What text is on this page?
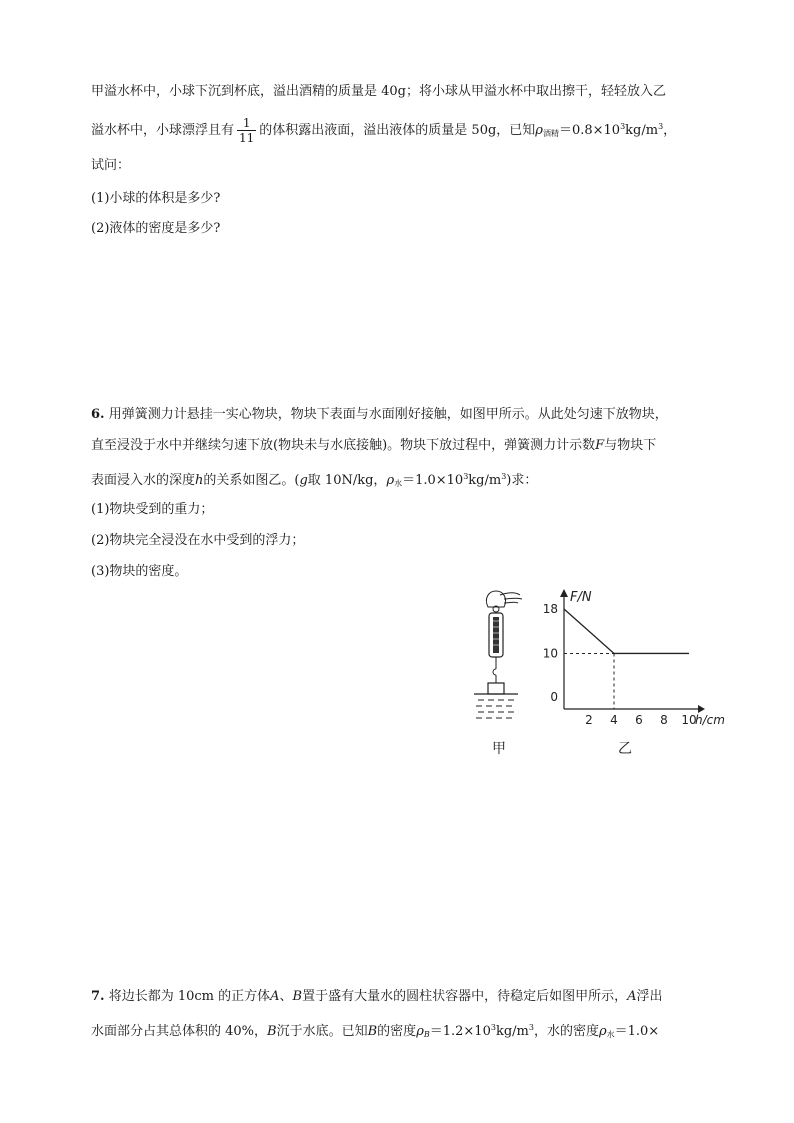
甲溢水杯中，小球下沉到杯底，溢出酒精的质量是 40g；将小球从甲溢水杯中取出擦干，轻轻放入乙
溢水杯中，小球漂浮且有 $\frac{1}{11}$ 的体积露出液面，溢出液体的质量是 50g，已知$\rho_{酒精}=0.8\times 10^3kg/m^3$，
试问：
(1)小球的体积是多少?
(2)液体的密度是多少?
6. 用弹簧测力计悬挂一实心物块，物块下表面与水面刚好接触，如图甲所示。从此处匀速下放物块，
直至浸没于水中并继续匀速下放(物块未与水底接触)。物块下放过程中，弹簧测力计示数F与物块下
表面浸入水的深度h的关系如图乙。(g取 10N/kg，$\rho_水=1.0\times 10^3kg/m^3$)求：
(1)物块受到的重力；
(2)物块完全浸没在水中受到的浮力；
(3)物块的密度。
甲
2 4 6 8 10
18
10
0
F/N
h/cm
乙
7. 将边长都为 10cm 的正方体A、B置于盛有大量水的圆柱状容器中，待稳定后如图甲所示，A浮出
水面部分占其总体积的 40%，B沉于水底。已知B的密度$\rho_B=1.2\times 10^3kg/m^3$，水的密度$\rho_水=1.0\times$
